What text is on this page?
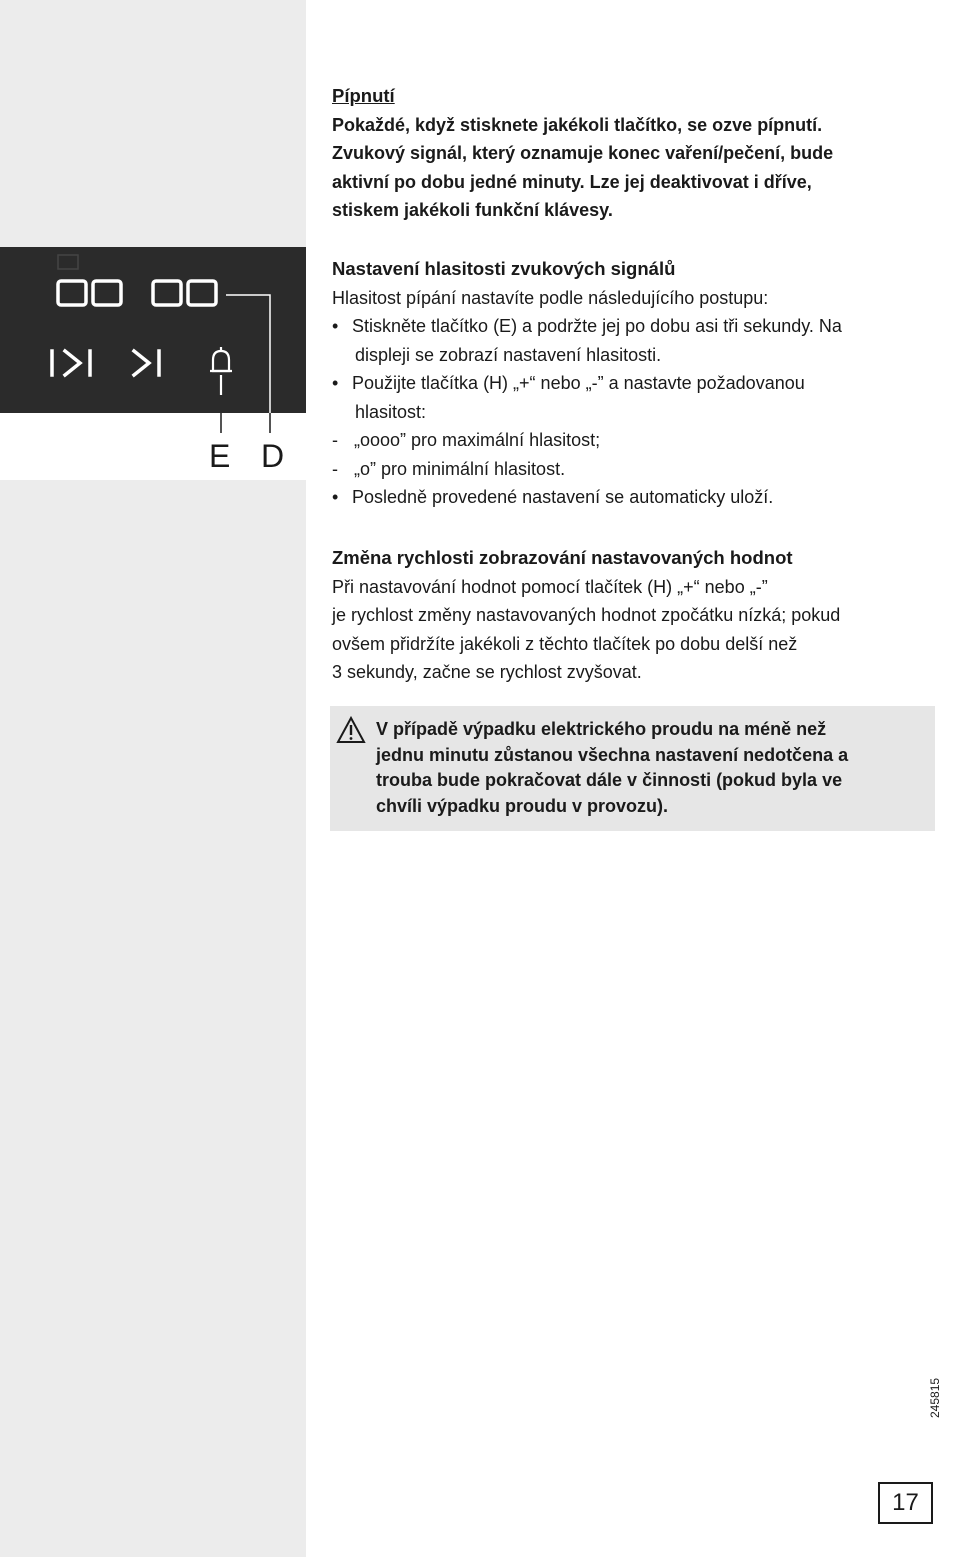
E D

Pípnutí

Pokaždé, když stisknete jakékoli tlačítko, se ozve pípnutí.

Zvukový signál, který oznamuje konec vaření/pečení, bude

aktivní po dobu jedné minuty. Lze jej deaktivovat i dříve,

stiskem jakékoli funkční klávesy.

Nastavení hlasitosti zvukových signálů

Hlasitost pípání nastavíte podle následujícího postupu:

• Stiskněte tlačítko (E) a podržte jej po dobu asi tři sekundy. Na

displeji se zobrazí nastavení hlasitosti.

• Použijte tlačítka (H) „+“ nebo „-” a nastavte požadovanou

hlasitost:

- „oooo” pro maximální hlasitost;

- „o” pro minimální hlasitost.

• Posledně provedené nastavení se automaticky uloží.

Změna rychlosti zobrazování nastavovaných hodnot

Při nastavování hodnot pomocí tlačítek (H) „+“ nebo „-”

je rychlost změny nastavovaných hodnot zpočátku nízká; pokud

ovšem přidržíte jakékoli z těchto tlačítek po dobu delší než

3 sekundy, začne se rychlost zvyšovat.

V případě výpadku elektrického proudu na méně než

jednu minutu zůstanou všechna nastavení nedotčena a

trouba bude pokračovat dále v činnosti (pokud byla ve

chvíli výpadku proudu v provozu).

245815
17
